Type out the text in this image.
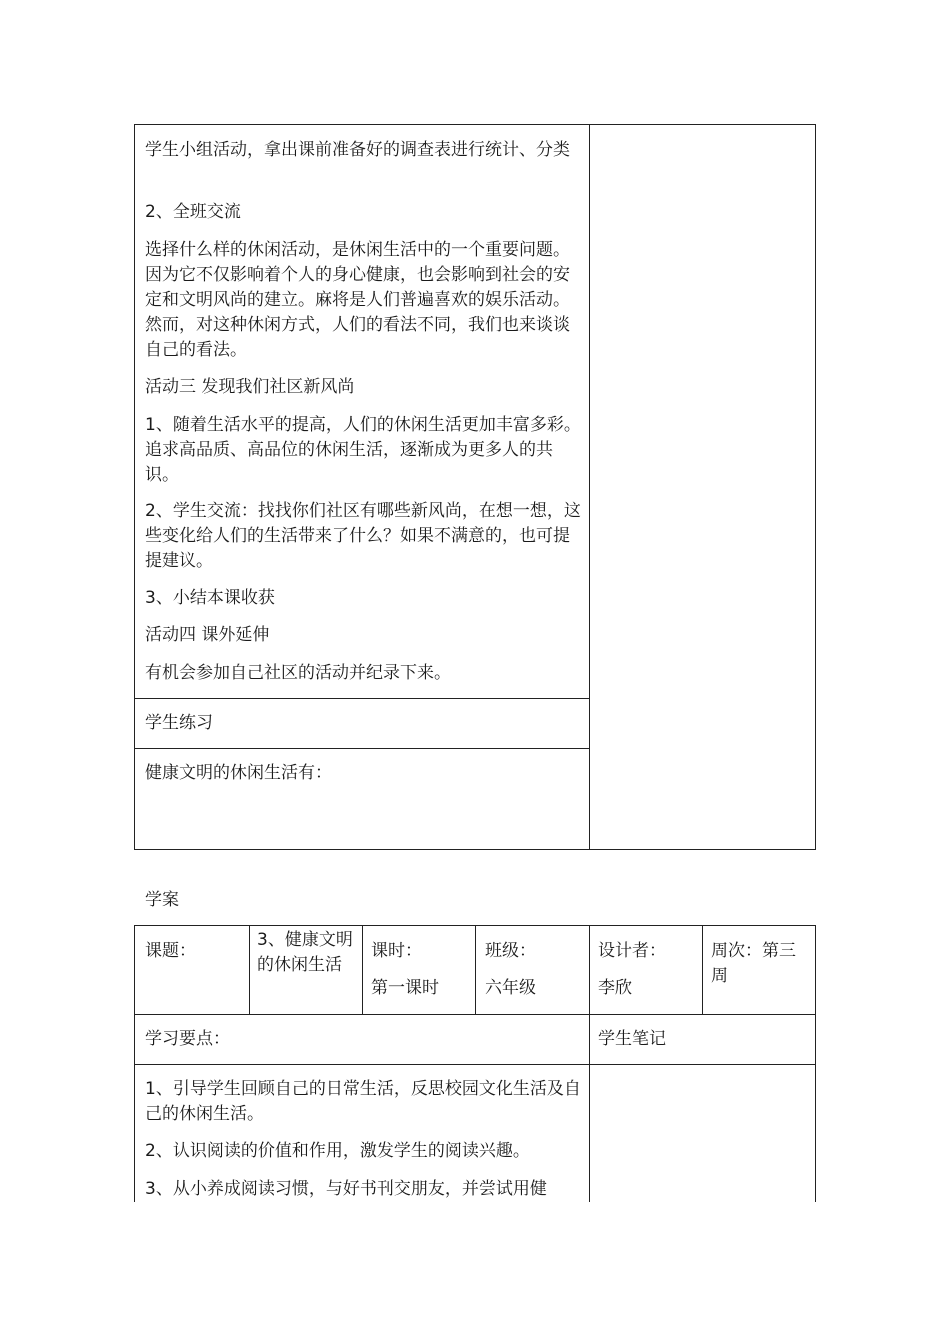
学生小组活动，拿出课前准备好的调查表进行统计、分类

2、全班交流

选择什么样的休闲活动，是休闲生活中的一个重要问题。因为它不仅影响着个人的身心健康，也会影响到社会的安定和文明风尚的建立。麻将是人们普遍喜欢的娱乐活动。然而，对这种休闲方式，人们的看法不同，我们也来谈谈自己的看法。

活动三 发现我们社区新风尚

1、随着生活水平的提高，人们的休闲生活更加丰富多彩。追求高品质、高品位的休闲生活，逐渐成为更多人的共识。

2、学生交流：找找你们社区有哪些新风尚，在想一想，这些变化给人们的生活带来了什么？如果不满意的，也可提提建议。

3、小结本课收获

活动四 课外延伸

有机会参加自己社区的活动并纪录下来。

学生练习

健康文明的休闲生活有：

学案
课题：
3、健康文明的休闲生活
课时：
第一课时
班级：
六年级
设计者：
李欣
周次：第三周
学习要点：	学生笔记
1、引导学生回顾自己的日常生活，反思校园文化生活及自己的休闲生活。
2、认识阅读的价值和作用，激发学生的阅读兴趣。
3、从小养成阅读习惯，与好书刊交朋友，并尝试用健
